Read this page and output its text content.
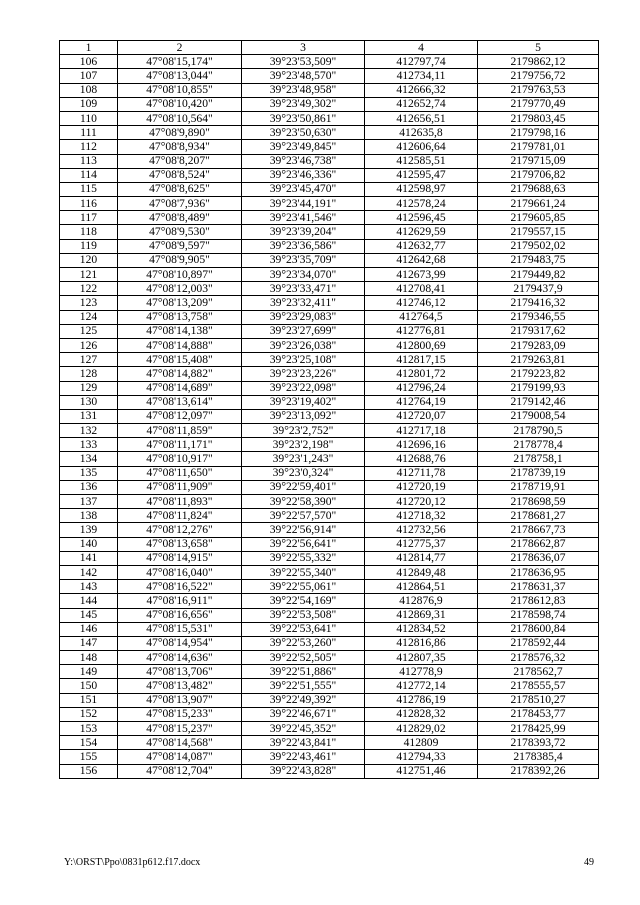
1	2	3	4	5
106	47°08'15,174"	39°23'53,509"	412797,74	2179862,12
107	47°08'13,044"	39°23'48,570"	412734,11	2179756,72
108	47°08'10,855"	39°23'48,958"	412666,32	2179763,53
109	47°08'10,420"	39°23'49,302"	412652,74	2179770,49
110	47°08'10,564"	39°23'50,861"	412656,51	2179803,45
111	47°08'9,890"	39°23'50,630"	412635,8	2179798,16
112	47°08'8,934"	39°23'49,845"	412606,64	2179781,01
113	47°08'8,207"	39°23'46,738"	412585,51	2179715,09
114	47°08'8,524"	39°23'46,336"	412595,47	2179706,82
115	47°08'8,625"	39°23'45,470"	412598,97	2179688,63
116	47°08'7,936"	39°23'44,191"	412578,24	2179661,24
117	47°08'8,489"	39°23'41,546"	412596,45	2179605,85
118	47°08'9,530"	39°23'39,204"	412629,59	2179557,15
119	47°08'9,597"	39°23'36,586"	412632,77	2179502,02
120	47°08'9,905"	39°23'35,709"	412642,68	2179483,75
121	47°08'10,897"	39°23'34,070"	412673,99	2179449,82
122	47°08'12,003"	39°23'33,471"	412708,41	2179437,9
123	47°08'13,209"	39°23'32,411"	412746,12	2179416,32
124	47°08'13,758"	39°23'29,083"	412764,5	2179346,55
125	47°08'14,138"	39°23'27,699"	412776,81	2179317,62
126	47°08'14,888"	39°23'26,038"	412800,69	2179283,09
127	47°08'15,408"	39°23'25,108"	412817,15	2179263,81
128	47°08'14,882"	39°23'23,226"	412801,72	2179223,82
129	47°08'14,689"	39°23'22,098"	412796,24	2179199,93
130	47°08'13,614"	39°23'19,402"	412764,19	2179142,46
131	47°08'12,097"	39°23'13,092"	412720,07	2179008,54
132	47°08'11,859"	39°23'2,752"	412717,18	2178790,5
133	47°08'11,171"	39°23'2,198"	412696,16	2178778,4
134	47°08'10,917"	39°23'1,243"	412688,76	2178758,1
135	47°08'11,650"	39°23'0,324"	412711,78	2178739,19
136	47°08'11,909"	39°22'59,401"	412720,19	2178719,91
137	47°08'11,893"	39°22'58,390"	412720,12	2178698,59
138	47°08'11,824"	39°22'57,570"	412718,32	2178681,27
139	47°08'12,276"	39°22'56,914"	412732,56	2178667,73
140	47°08'13,658"	39°22'56,641"	412775,37	2178662,87
141	47°08'14,915"	39°22'55,332"	412814,77	2178636,07
142	47°08'16,040"	39°22'55,340"	412849,48	2178636,95
143	47°08'16,522"	39°22'55,061"	412864,51	2178631,37
144	47°08'16,911"	39°22'54,169"	412876,9	2178612,83
145	47°08'16,656"	39°22'53,508"	412869,31	2178598,74
146	47°08'15,531"	39°22'53,641"	412834,52	2178600,84
147	47°08'14,954"	39°22'53,260"	412816,86	2178592,44
148	47°08'14,636"	39°22'52,505"	412807,35	2178576,32
149	47°08'13,706"	39°22'51,886"	412778,9	2178562,7
150	47°08'13,482"	39°22'51,555"	412772,14	2178555,57
151	47°08'13,907"	39°22'49,392"	412786,19	2178510,27
152	47°08'15,233"	39°22'46,671"	412828,32	2178453,77
153	47°08'15,237"	39°22'45,352"	412829,02	2178425,99
154	47°08'14,568"	39°22'43,841"	412809	2178393,72
155	47°08'14,087"	39°22'43,461"	412794,33	2178385,4
156	47°08'12,704"	39°22'43,828"	412751,46	2178392,26
Y:\ORST\Ppo\0831p612.f17.docx	49
